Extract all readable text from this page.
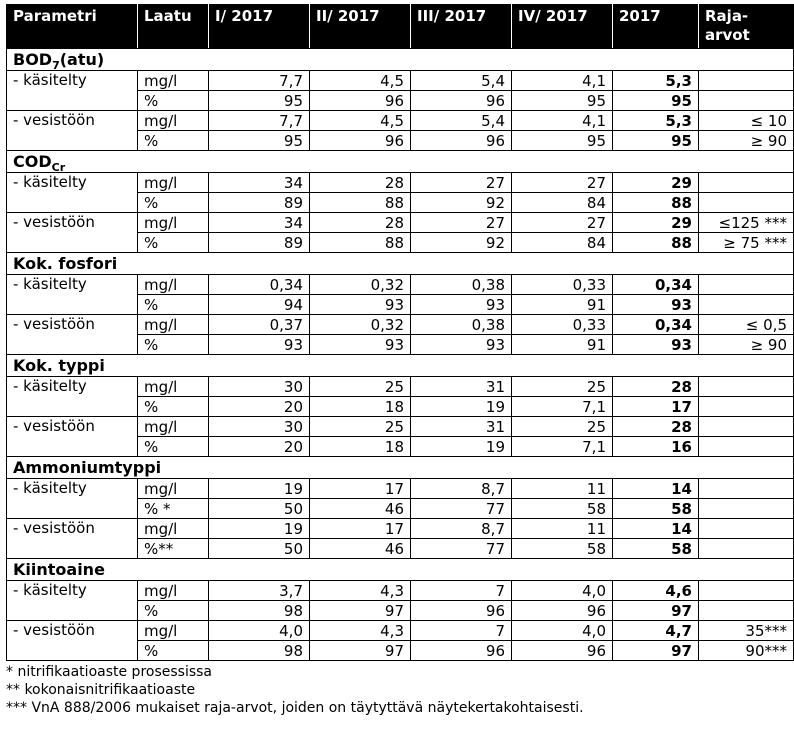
Parametri	Laatu	I/ 2017	II/ 2017	III/ 2017	IV/ 2017	2017	Raja- arvot
$BOD_7(atu)$							
- käsitelty	mg/l	7,7	4,5	5,4	4,1	5,3	
	%	95	96	96	95	95	
- vesistöön	mg/l	7,7	4,5	5,4	4,1	5,3	≤ 10
	%	95	96	96	95	95	≥ 90
$COD_{Cr}$
- käsitelty	mg/l	34	28	27	27	29	
	%	89	88	92	84	88	
- vesistöön	mg/l	34	28	27	27	29	≤125 ***
	%	89	88	92	84	88	≥ 75 ***
Kok. fosfori							
- käsitelty	mg/l	0,34	0,32	0,38	0,33	0,34	
	%	94	93	93	91	93	
- vesistöön	mg/l	0,37	0,32	0,38	0,33	0,34	≤ 0,5
	%	93	93	93	91	93	≥ 90
Kok. typpi							
- käsitelty	mg/l	30	25	31	25	28	
	%	20	18	19	7,1	17	
- vesistöön	mg/l	30	25	31	25	28	
	%	20	18	19	7,1	16	
Ammoniumtyppi							
- käsitelty	mg/l	19	17	8,7	11	14	
	% *	50	46	77	58	58	
- vesistöön	mg/l	19	17	8,7	11	14	
	%**	50	46	77	58	58	
Kiintoaine							
- käsitelty	mg/l	3,7	4,3	7	4,0	4,6	
	%	98	97	96	96	97	
- vesistöön	mg/l	4,0	4,3	7	4,0	4,7	35***
	%	98	97	96	96	97	90***
* nitrifikaatioaste prosessissa
** kokonaisnitrifikaatioaste
*** VnA 888/2006 mukaiset raja-arvot, joiden on täytyttävä näytekertakohtaisesti.
